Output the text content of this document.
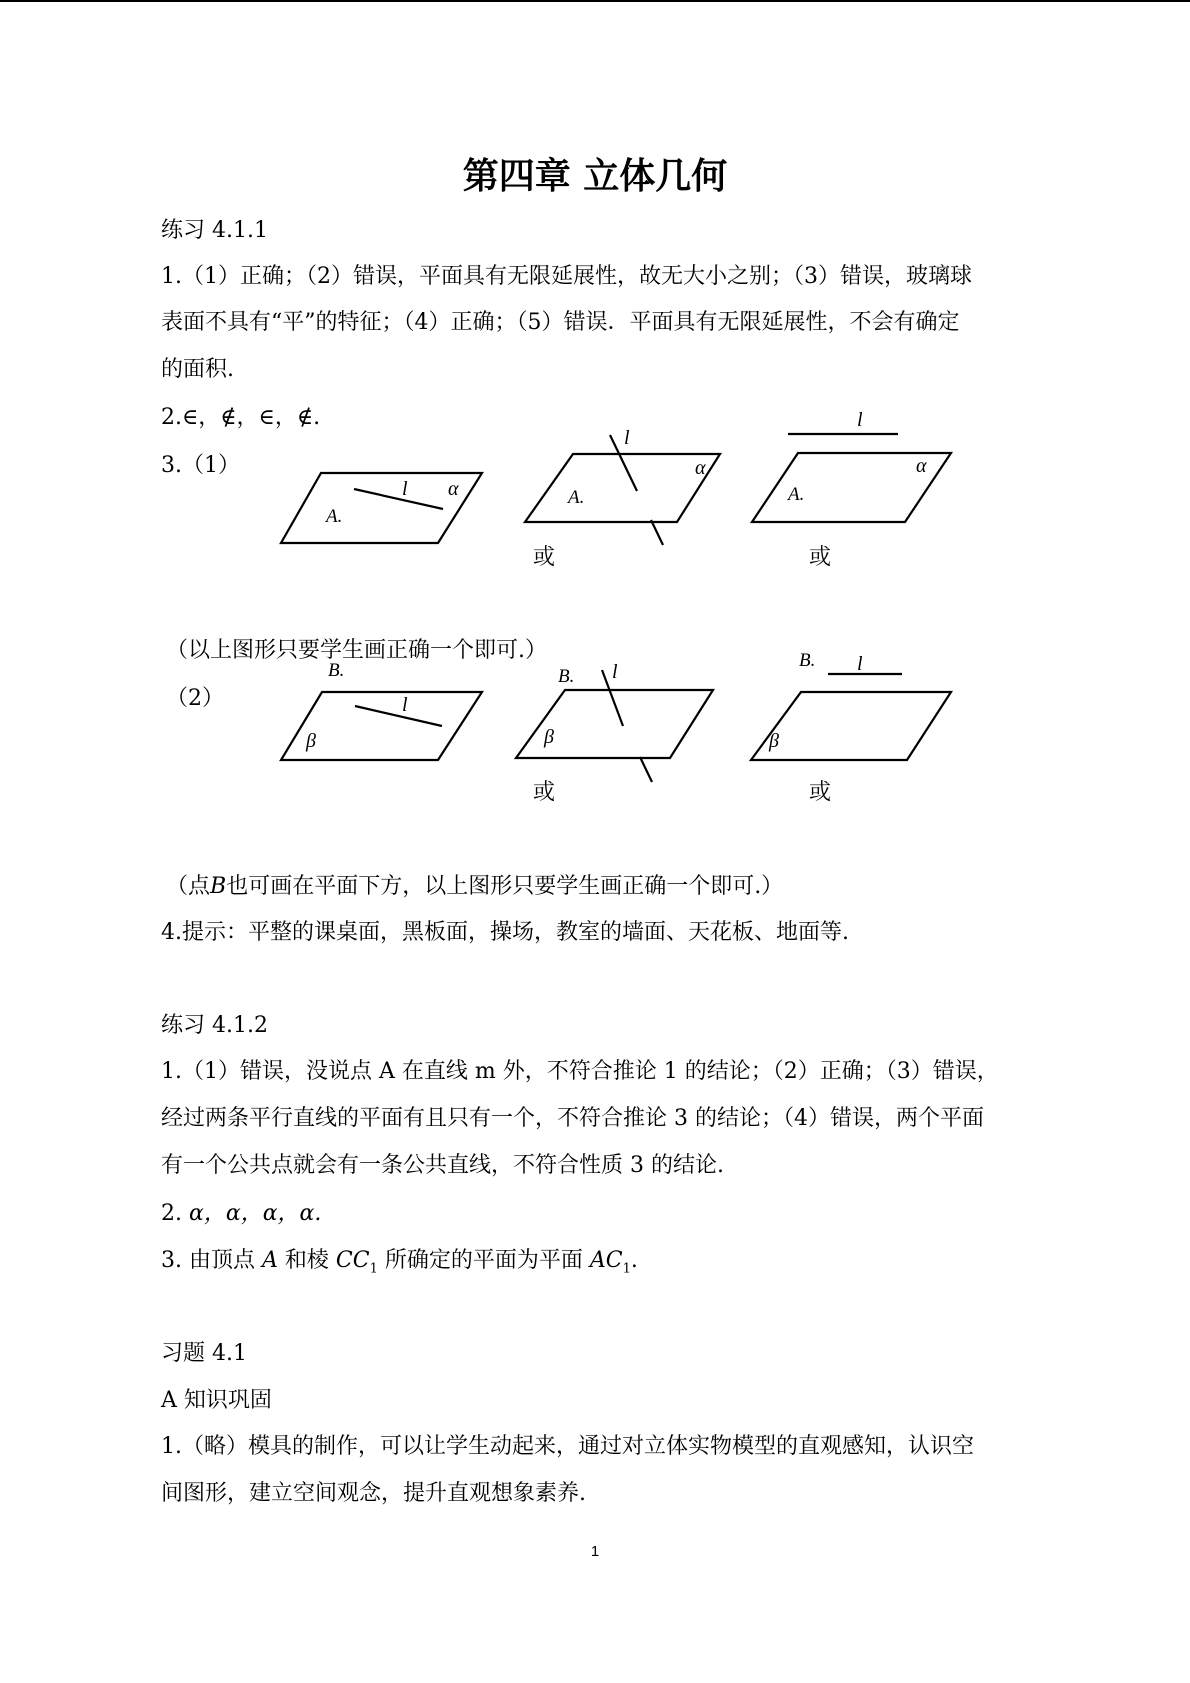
第四章 立体几何
练习 4.1.1
1.（1）正确；（2）错误，平面具有无限延展性，故无大小之别；（3）错误，玻璃球
表面不具有“平”的特征；（4）正确；（5）错误．平面具有无限延展性，不会有确定
的面积.
2.∈，∉，∈，∉.
3.（1）
l α
A.
l
α
A.
l
α
A.
或	或
（以上图形只要学生画正确一个即可.）
（2）
B.
l
β
B. l
β
B. l
β
或	或
（点B也可画在平面下方，以上图形只要学生画正确一个即可.）
4.提示：平整的课桌面，黑板面，操场，教室的墙面、天花板、地面等.
练习 4.1.2
1.（1）错误，没说点 A 在直线 m 外，不符合推论 1 的结论；（2）正确；（3）错误，
经过两条平行直线的平面有且只有一个，不符合推论 3 的结论；（4）错误，两个平面
有一个公共点就会有一条公共直线，不符合性质 3 的结论.
2. α，α，α，α.
3. 由顶点 A 和棱 $CC_1$ 所确定的平面为平面 $AC_1$.
习题 4.1
A 知识巩固
1.（略）模具的制作，可以让学生动起来，通过对立体实物模型的直观感知，认识空
间图形，建立空间观念，提升直观想象素养.
1
